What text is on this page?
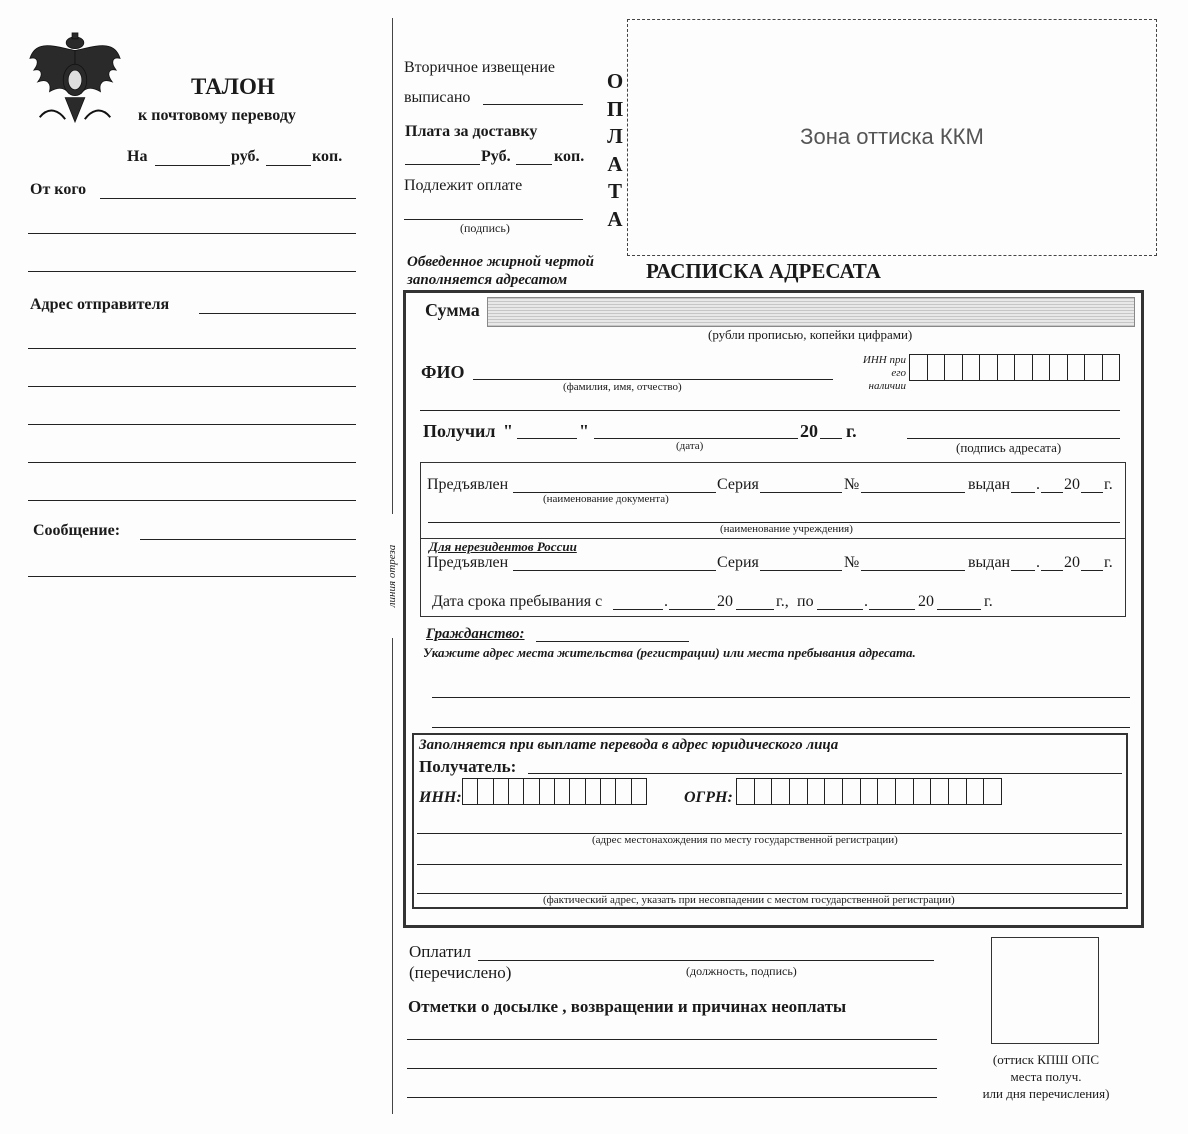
ТАЛОН
к почтовому переводу
На	руб.	коп.
От кого
Адрес отправителя
Сообщение:
линия отреза
Вторичное извещение
выписано
Плата за доставку
Руб.	коп.
Подлежит оплате
(подпись)
О
П
Л
А
Т
А
Зона оттиска ККМ
Обведенное жирной чертой
заполняется адресатом	РАСПИСКА АДРЕСАТА
Сумма
(рубли прописью, копейки цифрами)
ФИО
(фамилия, имя, отчество)
ИНН при
его наличии
Получил "	"	20 г.
(дата)	(подпись адресата)
Предъявлен
(наименование документа)
Серия	№	выдан . 20 г.
(наименование учреждения)
Для нерезидентов России
Предъявлен	Серия	№	выдан . 20 г.
Дата срока пребывания с	.	20	г., по	.	20	г.
Гражданство:
Укажите адрес места жительства (регистрации) или места пребывания адресата.
Заполняется при выплате перевода в адрес юридического лица
Получатель:
ИНН:	ОГРН:
(адрес местонахождения по месту государственной регистрации)
(фактический адрес, указать при несовпадении с местом государственной регистрации)
Оплатил
(перечислено)	(должность, подпись)
Отметки о досылке , возвращении и причинах неоплаты
(оттиск КПШ ОПС
места получ.
или дня перечисления)
